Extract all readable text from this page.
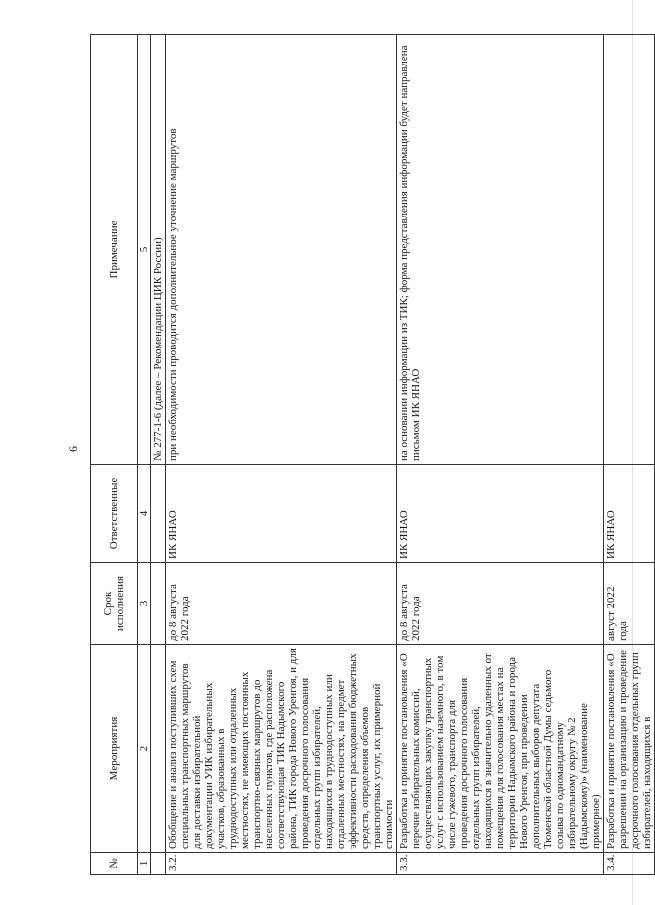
6
№	Мероприятия	Срок исполнения	Ответственные	Примечание
1	2	3	4	5
				№ 277-1-6 (далее – Рекомендации ЦИК России)
3.2.	Обобщение и анализ поступивших схем специальных транспортных маршрутов для доставки избирательной документации УИК избирательных участков, образованных в труднодоступных или отдаленных местностях, не имеющих постоянных транспортно-связных маршрутов до населенных пунктов, где расположена соответствующая ТИК Надымского района, ТИК города Нового Уренгоя, и для проведения досрочного голосования отдельных групп избирателей, находящихся в труднодоступных или отдаленных местностях, на предмет эффективности расходования бюджетных средств, определения объемов транспортных услуг, их примерной стоимости	до 8 августа 2022 года	ИК ЯНАО	при необходимости проводится дополнительное уточнение маршрутов
3.3.	Разработка и принятие постановления «О перечне избирательных комиссий, осуществляющих закупку транспортных услуг с использованием наземного, в том числе гужевого, транспорта для проведения досрочного голосования отдельных групп избирателей, находящихся в значительно удаленных от помещения для голосования местах на территории Надымского района и города Нового Уренгоя, при проведении дополнительных выборов депутата Тюменской областной Думы седьмого созыва по одномандатному избирательному округу № 2 (Надымскому)» (наименование примерное)	до 8 августа 2022 года	ИК ЯНАО	на основании информации из ТИК; форма представления информации будет направлена письмом ИК ЯНАО
3.4.	Разработка и принятие постановления «О разрешении на организацию и проведение досрочного голосования отдельных групп избирателей, находящихся в	август 2022 года	ИК ЯНАО	
